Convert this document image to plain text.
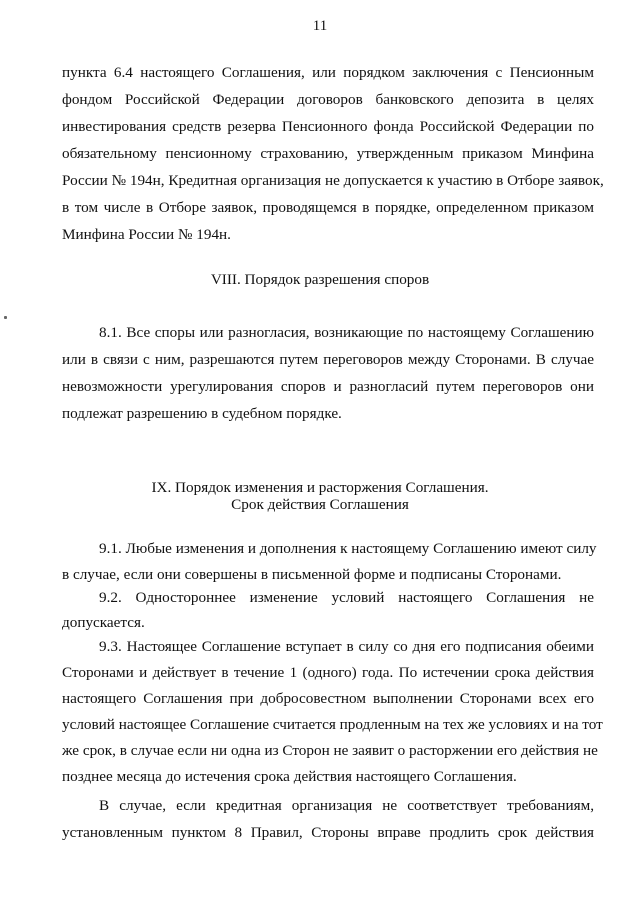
11
пункта 6.4 настоящего Соглашения, или порядком заключения с Пенсионным
фондом Российской Федерации договоров банковского депозита в целях
инвестирования средств резерва Пенсионного фонда Российской Федерации по
обязательному пенсионному страхованию, утвержденным приказом Минфина
России № 194н, Кредитная организация не допускается к участию в Отборе заявок,
в том числе в Отборе заявок, проводящемся в порядке, определенном приказом
Минфина России № 194н.
VIII. Порядок разрешения споров
8.1. Все споры или разногласия, возникающие по настоящему Соглашению
или в связи с ним, разрешаются путем переговоров между Сторонами. В случае
невозможности урегулирования споров и разногласий путем переговоров они
подлежат разрешению в судебном порядке.
IX. Порядок изменения и расторжения Соглашения.
Срок действия Соглашения
9.1. Любые изменения и дополнения к настоящему Соглашению имеют силу
в случае, если они совершены в письменной форме и подписаны Сторонами.
9.2. Одностороннее изменение условий настоящего Соглашения не
допускается.
9.3. Настоящее Соглашение вступает в силу со дня его подписания обеими
Сторонами и действует в течение 1 (одного) года. По истечении срока действия
настоящего Соглашения при добросовестном выполнении Сторонами всех его
условий настоящее Соглашение считается продленным на тех же условиях и на тот
же срок, в случае если ни одна из Сторон не заявит о расторжении его действия не
позднее месяца до истечения срока действия настоящего Соглашения.
В случае, если кредитная организация не соответствует требованиям,
установленным пунктом 8 Правил, Стороны вправе продлить срок действия
